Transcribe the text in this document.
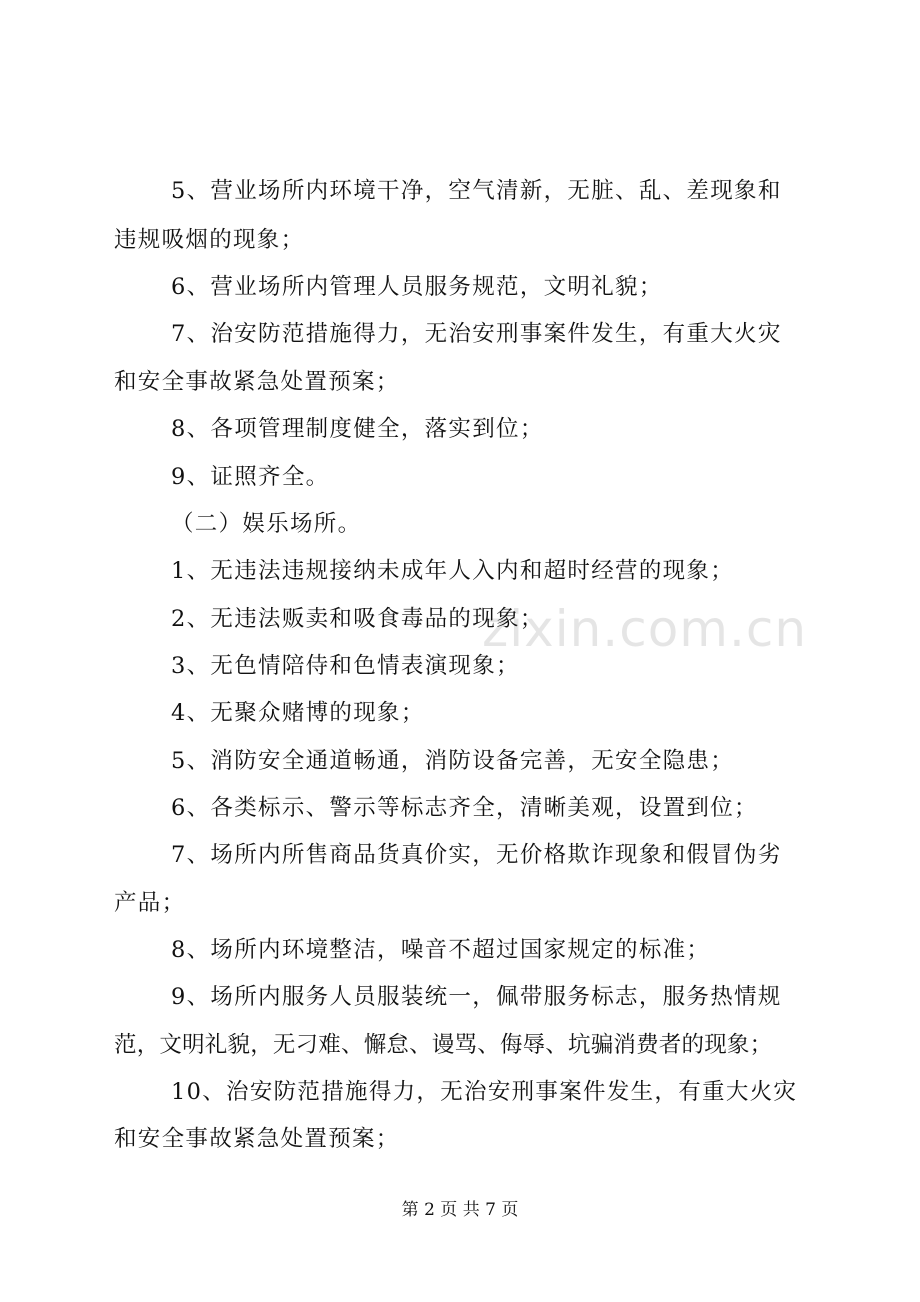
5、营业场所内环境干净，空气清新，无脏、乱、差现象和
违规吸烟的现象；
6、营业场所内管理人员服务规范，文明礼貌；
7、治安防范措施得力，无治安刑事案件发生，有重大火灾
和安全事故紧急处置预案；
8、各项管理制度健全，落实到位；
9、证照齐全。
（二）娱乐场所。
1、无违法违规接纳未成年人入内和超时经营的现象；
2、无违法贩卖和吸食毒品的现象；
3、无色情陪侍和色情表演现象；
4、无聚众赌博的现象；
5、消防安全通道畅通，消防设备完善，无安全隐患；
6、各类标示、警示等标志齐全，清晰美观，设置到位；
7、场所内所售商品货真价实，无价格欺诈现象和假冒伪劣
产品；
8、场所内环境整洁，噪音不超过国家规定的标准；
9、场所内服务人员服装统一，佩带服务标志，服务热情规
范，文明礼貌，无刁难、懈怠、谩骂、侮辱、坑骗消费者的现象；
10、治安防范措施得力，无治安刑事案件发生，有重大火灾
和安全事故紧急处置预案；
zixin.com.cn
第 2 页 共 7 页
